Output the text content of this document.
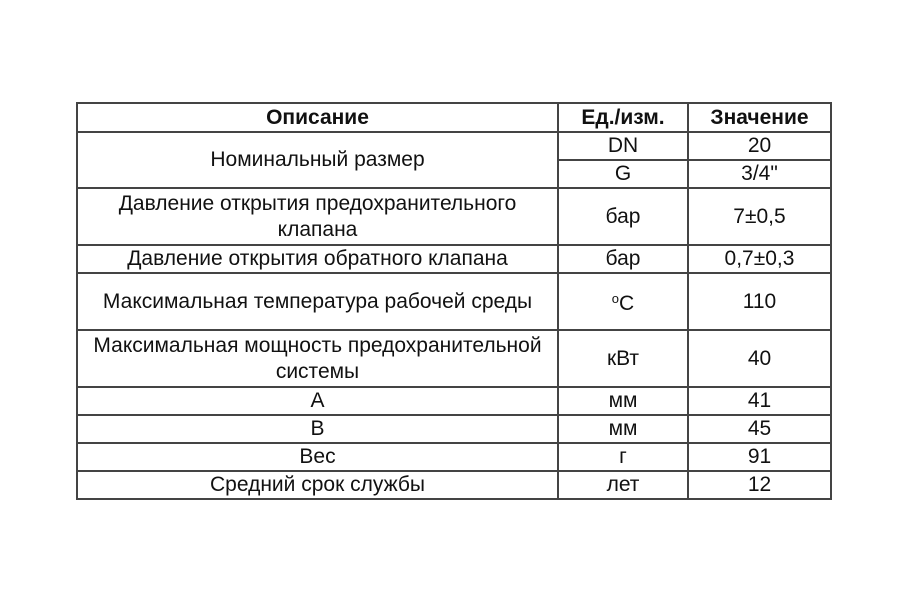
Описание	Ед./изм.	Значение
Номинальный размер	DN	20
	G	3/4"
Давление открытия предохранительного клапана	бар	7±0,5
Давление открытия обратного клапана	бар	0,7±0,3
Максимальная температура рабочей среды	$^o$C	110
Максимальная мощность предохранительной системы	кВт	40
A	мм	41
B	мм	45
Вес	г	91
Средний срок службы	лет	12
